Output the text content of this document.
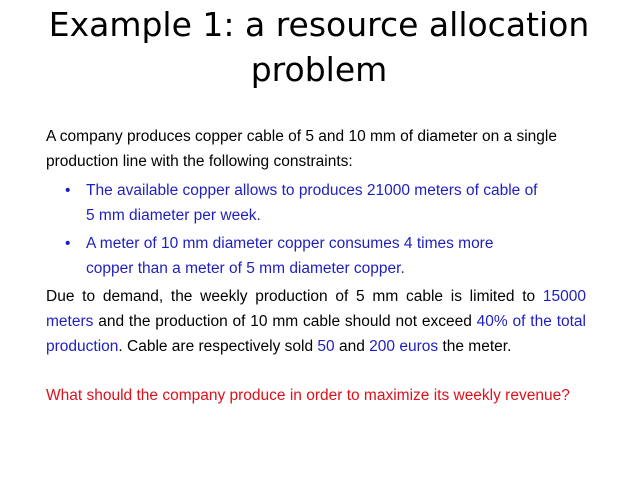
Example 1: a resource allocation
problem

A company produces copper cable of 5 and 10 mm of diameter on a single production line with the following constraints:

• The available copper allows to produces 21000 meters of cable of
5 mm diameter per week.
• A meter of 10 mm diameter copper consumes 4 times more
copper than a meter of 5 mm diameter copper.

Due to demand, the weekly production of 5 mm cable is limited to 15000 meters and the production of 10 mm cable should not exceed 40% of the total production. Cable are respectively sold 50 and 200 euros the meter.

What should the company produce in order to maximize its weekly revenue?
